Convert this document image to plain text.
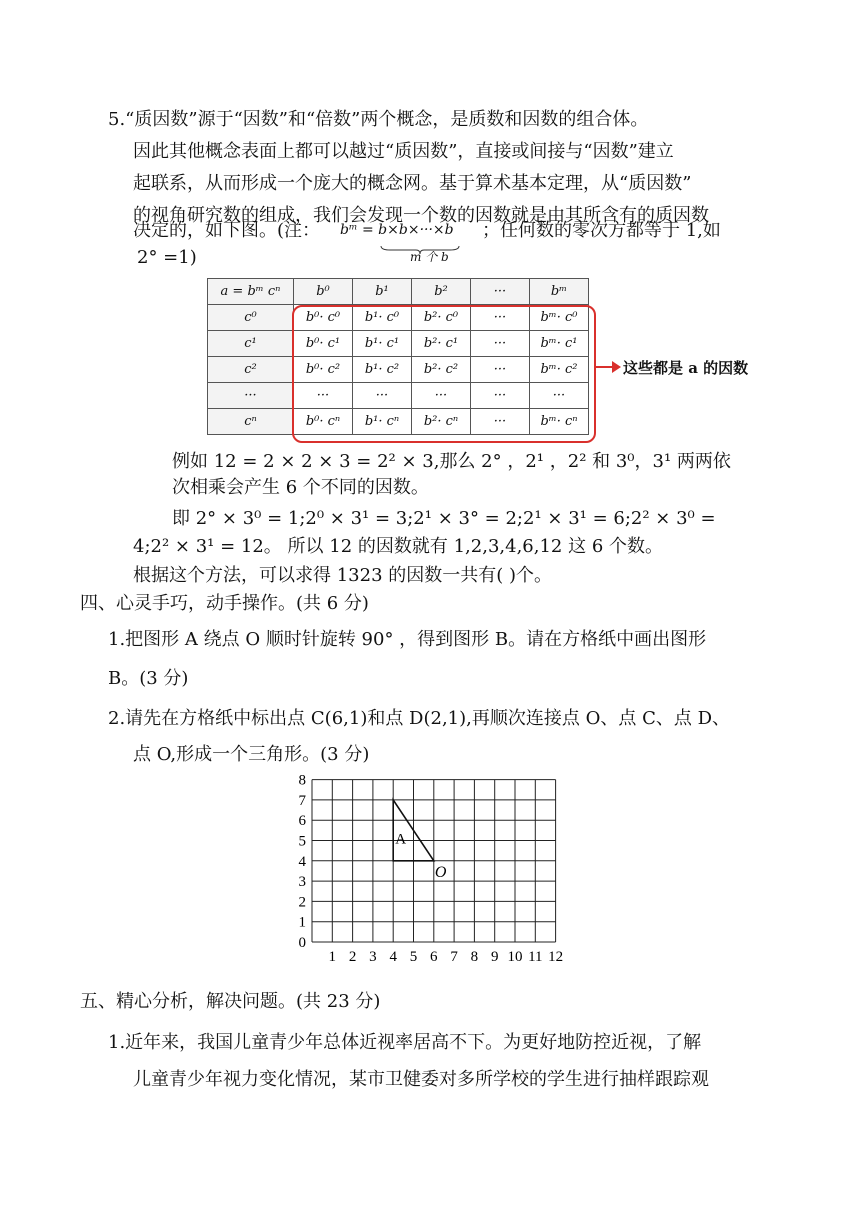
5.“质因数”源于“因数”和“倍数”两个概念，是质数和因数的组合体。
因此其他概念表面上都可以越过“质因数”，直接或间接与“因数”建立
起联系，从而形成一个庞大的概念网。基于算术基本定理，从“质因数”
的视角研究数的组成，我们会发现一个数的因数就是由其所含有的质因数
决定的，如下图。(注： bᵐ = b×b×···×b
m 个 b
；任何数的零次方都等于 1,如
2° =1)
a = bᵐ cⁿ	b⁰	b¹	b²	···	bᵐ
c⁰	b⁰· c⁰	b¹· c⁰	b²· c⁰	···	bᵐ· c⁰
c¹	b⁰· c¹	b¹· c¹	b²· c¹	···	bᵐ· c¹
c²	b⁰· c²	b¹· c²	b²· c²	···	bᵐ· c²
···	···	···	···	···	···
cⁿ	b⁰· cⁿ	b¹· cⁿ	b²· cⁿ	···	bᵐ· cⁿ
这些都是 a 的因数
例如 12 = 2 × 2 × 3 = 2² × 3,那么 2° ，2¹ ，2² 和 3⁰，3¹ 两两依
次相乘会产生 6 个不同的因数。
即 2° × 3⁰ = 1;2⁰ × 3¹ = 3;2¹ × 3° = 2;2¹ × 3¹ = 6;2² × 3⁰ =
4;2² × 3¹ = 12。 所以 12 的因数就有 1,2,3,4,6,12 这 6 个数。
根据这个方法，可以求得 1323 的因数一共有( )个。
四、心灵手巧，动手操作。(共 6 分)
1.把图形 A 绕点 O 顺时针旋转 90° ，得到图形 B。请在方格纸中画出图形
B。(3 分)
2.请先在方格纸中标出点 C(6,1)和点 D(2,1),再顺次连接点 O、点 C、点 D、
点 O,形成一个三角形。(3 分)
1 2 3 4 5 6 7 8 9 10 11 12
0
1
2
3
4
5
6
7
8
A
O
五、精心分析，解决问题。(共 23 分)
1.近年来，我国儿童青少年总体近视率居高不下。为更好地防控近视，了解
儿童青少年视力变化情况，某市卫健委对多所学校的学生进行抽样跟踪观
